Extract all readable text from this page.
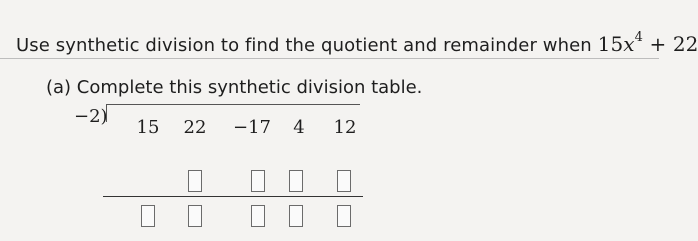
Use synthetic division to find the quotient and remainder when $15x^4 + 22$
(a) Complete this synthetic division table.
−2)
15 22 −17 4 12
